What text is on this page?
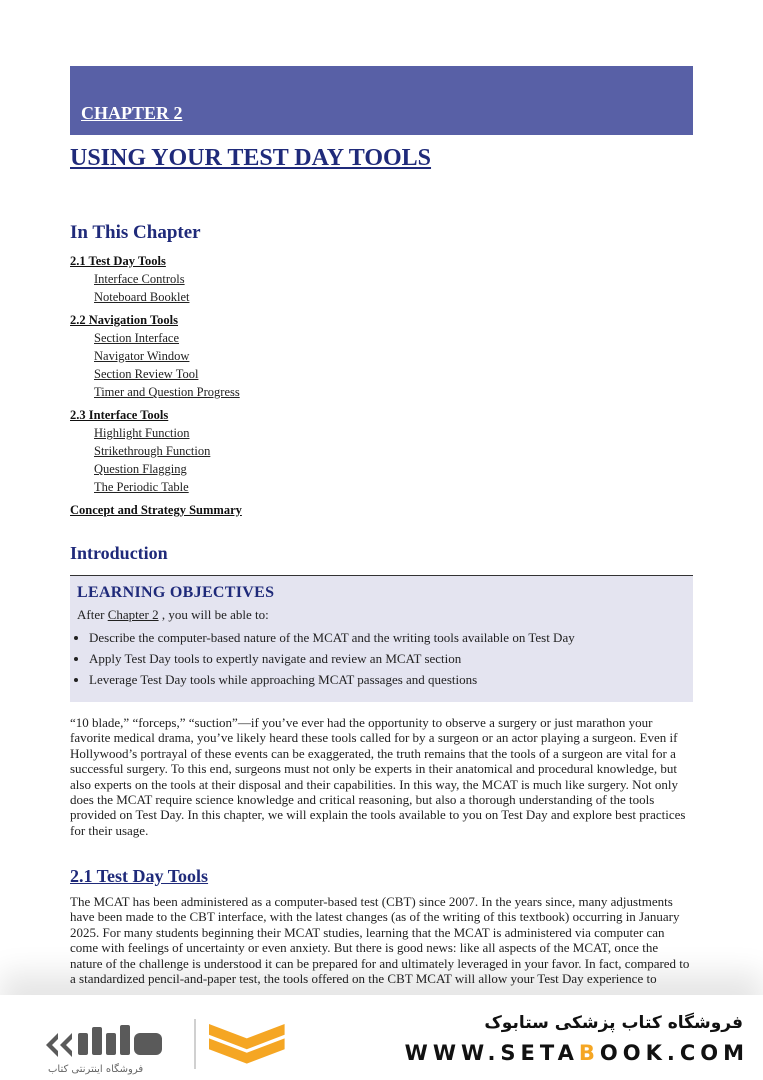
CHAPTER 2
USING YOUR TEST DAY TOOLS
In This Chapter
2.1 Test Day Tools
Interface Controls
Noteboard Booklet
2.2 Navigation Tools
Section Interface
Navigator Window
Section Review Tool
Timer and Question Progress
2.3 Interface Tools
Highlight Function
Strikethrough Function
Question Flagging
The Periodic Table
Concept and Strategy Summary
Introduction

LEARNING OBJECTIVES

After Chapter 2 , you will be able to:

• Describe the computer-based nature of the MCAT and the writing tools available on Test Day
• Apply Test Day tools to expertly navigate and review an MCAT section
• Leverage Test Day tools while approaching MCAT passages and questions

“10 blade,” “forceps,” “suction”—if you’ve ever had the opportunity to observe a surgery or just marathon your favorite medical drama, you’ve likely heard these tools called for by a surgeon or an actor playing a surgeon. Even if Hollywood’s portrayal of these events can be exaggerated, the truth remains that the tools of a surgeon are vital for a successful surgery. To this end, surgeons must not only be experts in their anatomical and procedural knowledge, but also experts on the tools at their disposal and their capabilities. In this way, the MCAT is much like surgery. Not only does the MCAT require science knowledge and critical reasoning, but also a thorough understanding of the tools provided on Test Day. In this chapter, we will explain the tools available to you on Test Day and explore best practices for their usage.

2.1 Test Day Tools

The MCAT has been administered as a computer-based test (CBT) since 2007. In the years since, many adjustments have been made to the CBT interface, with the latest changes (as of the writing of this textbook) occurring in January 2025. For many students beginning their MCAT studies, learning that the MCAT is administered via computer can come with feelings of uncertainty or even anxiety. But there is good news: like all aspects of the MCAT, once the nature of the challenge is understood it can be prepared for and ultimately leveraged in your favor. In fact, compared to a standardized pencil-and-paper test, the tools offered on the CBT MCAT will allow your Test Day experience to

فروشگاه اینترنتی کتاب
فروشگاه کتاب پزشکی ستابوک
WWW.SETABOOK.COM
